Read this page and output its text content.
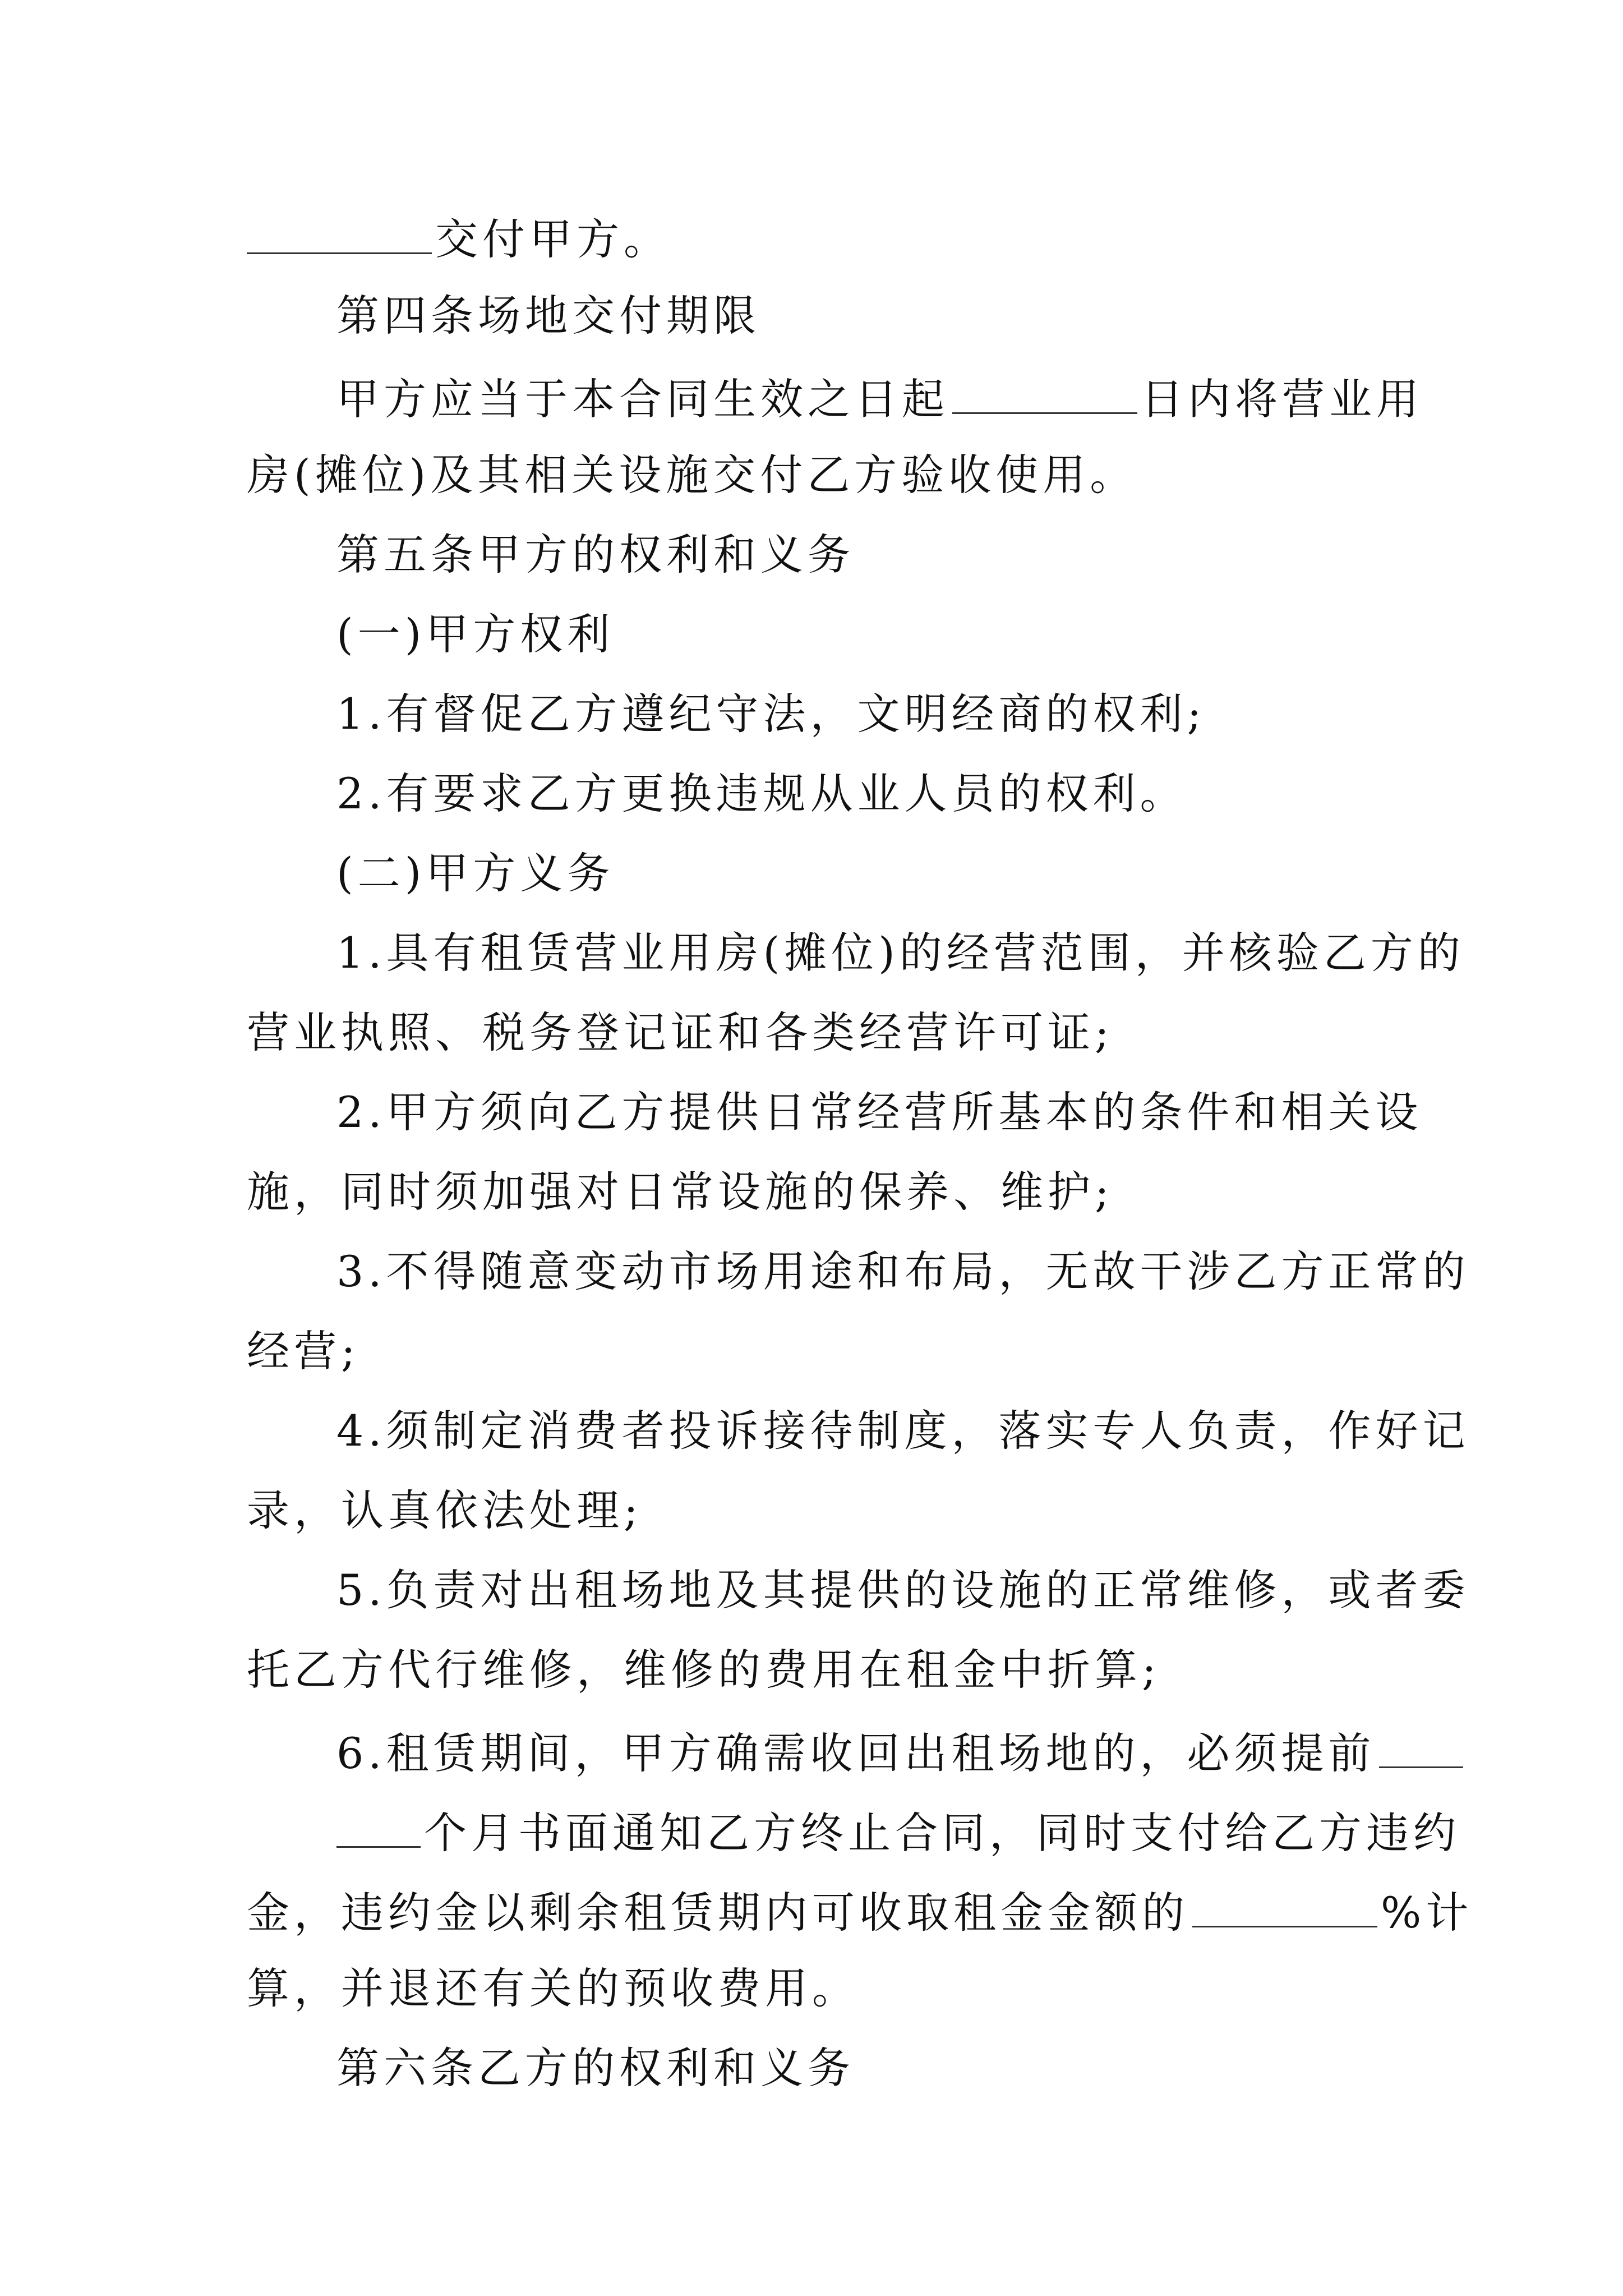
交付甲方。
第四条场地交付期限
甲方应当于本合同生效之日起	日内将营业用
房(摊位)及其相关设施交付乙方验收使用。
第五条甲方的权利和义务
(一)甲方权利
1.有督促乙方遵纪守法，文明经商的权利;
2.有要求乙方更换违规从业人员的权利。
(二)甲方义务
1.具有租赁营业用房(摊位)的经营范围，并核验乙方的
营业执照、税务登记证和各类经营许可证;
2.甲方须向乙方提供日常经营所基本的条件和相关设
施，同时须加强对日常设施的保养、维护;
3.不得随意变动市场用途和布局，无故干涉乙方正常的
经营;
4.须制定消费者投诉接待制度，落实专人负责，作好记
录，认真依法处理;
5.负责对出租场地及其提供的设施的正常维修，或者委
托乙方代行维修，维修的费用在租金中折算;
6.租赁期间，甲方确需收回出租场地的，必须提前
个月书面通知乙方终止合同，同时支付给乙方违约
金，违约金以剩余租赁期内可收取租金金额的	%计
算，并退还有关的预收费用。
第六条乙方的权利和义务
